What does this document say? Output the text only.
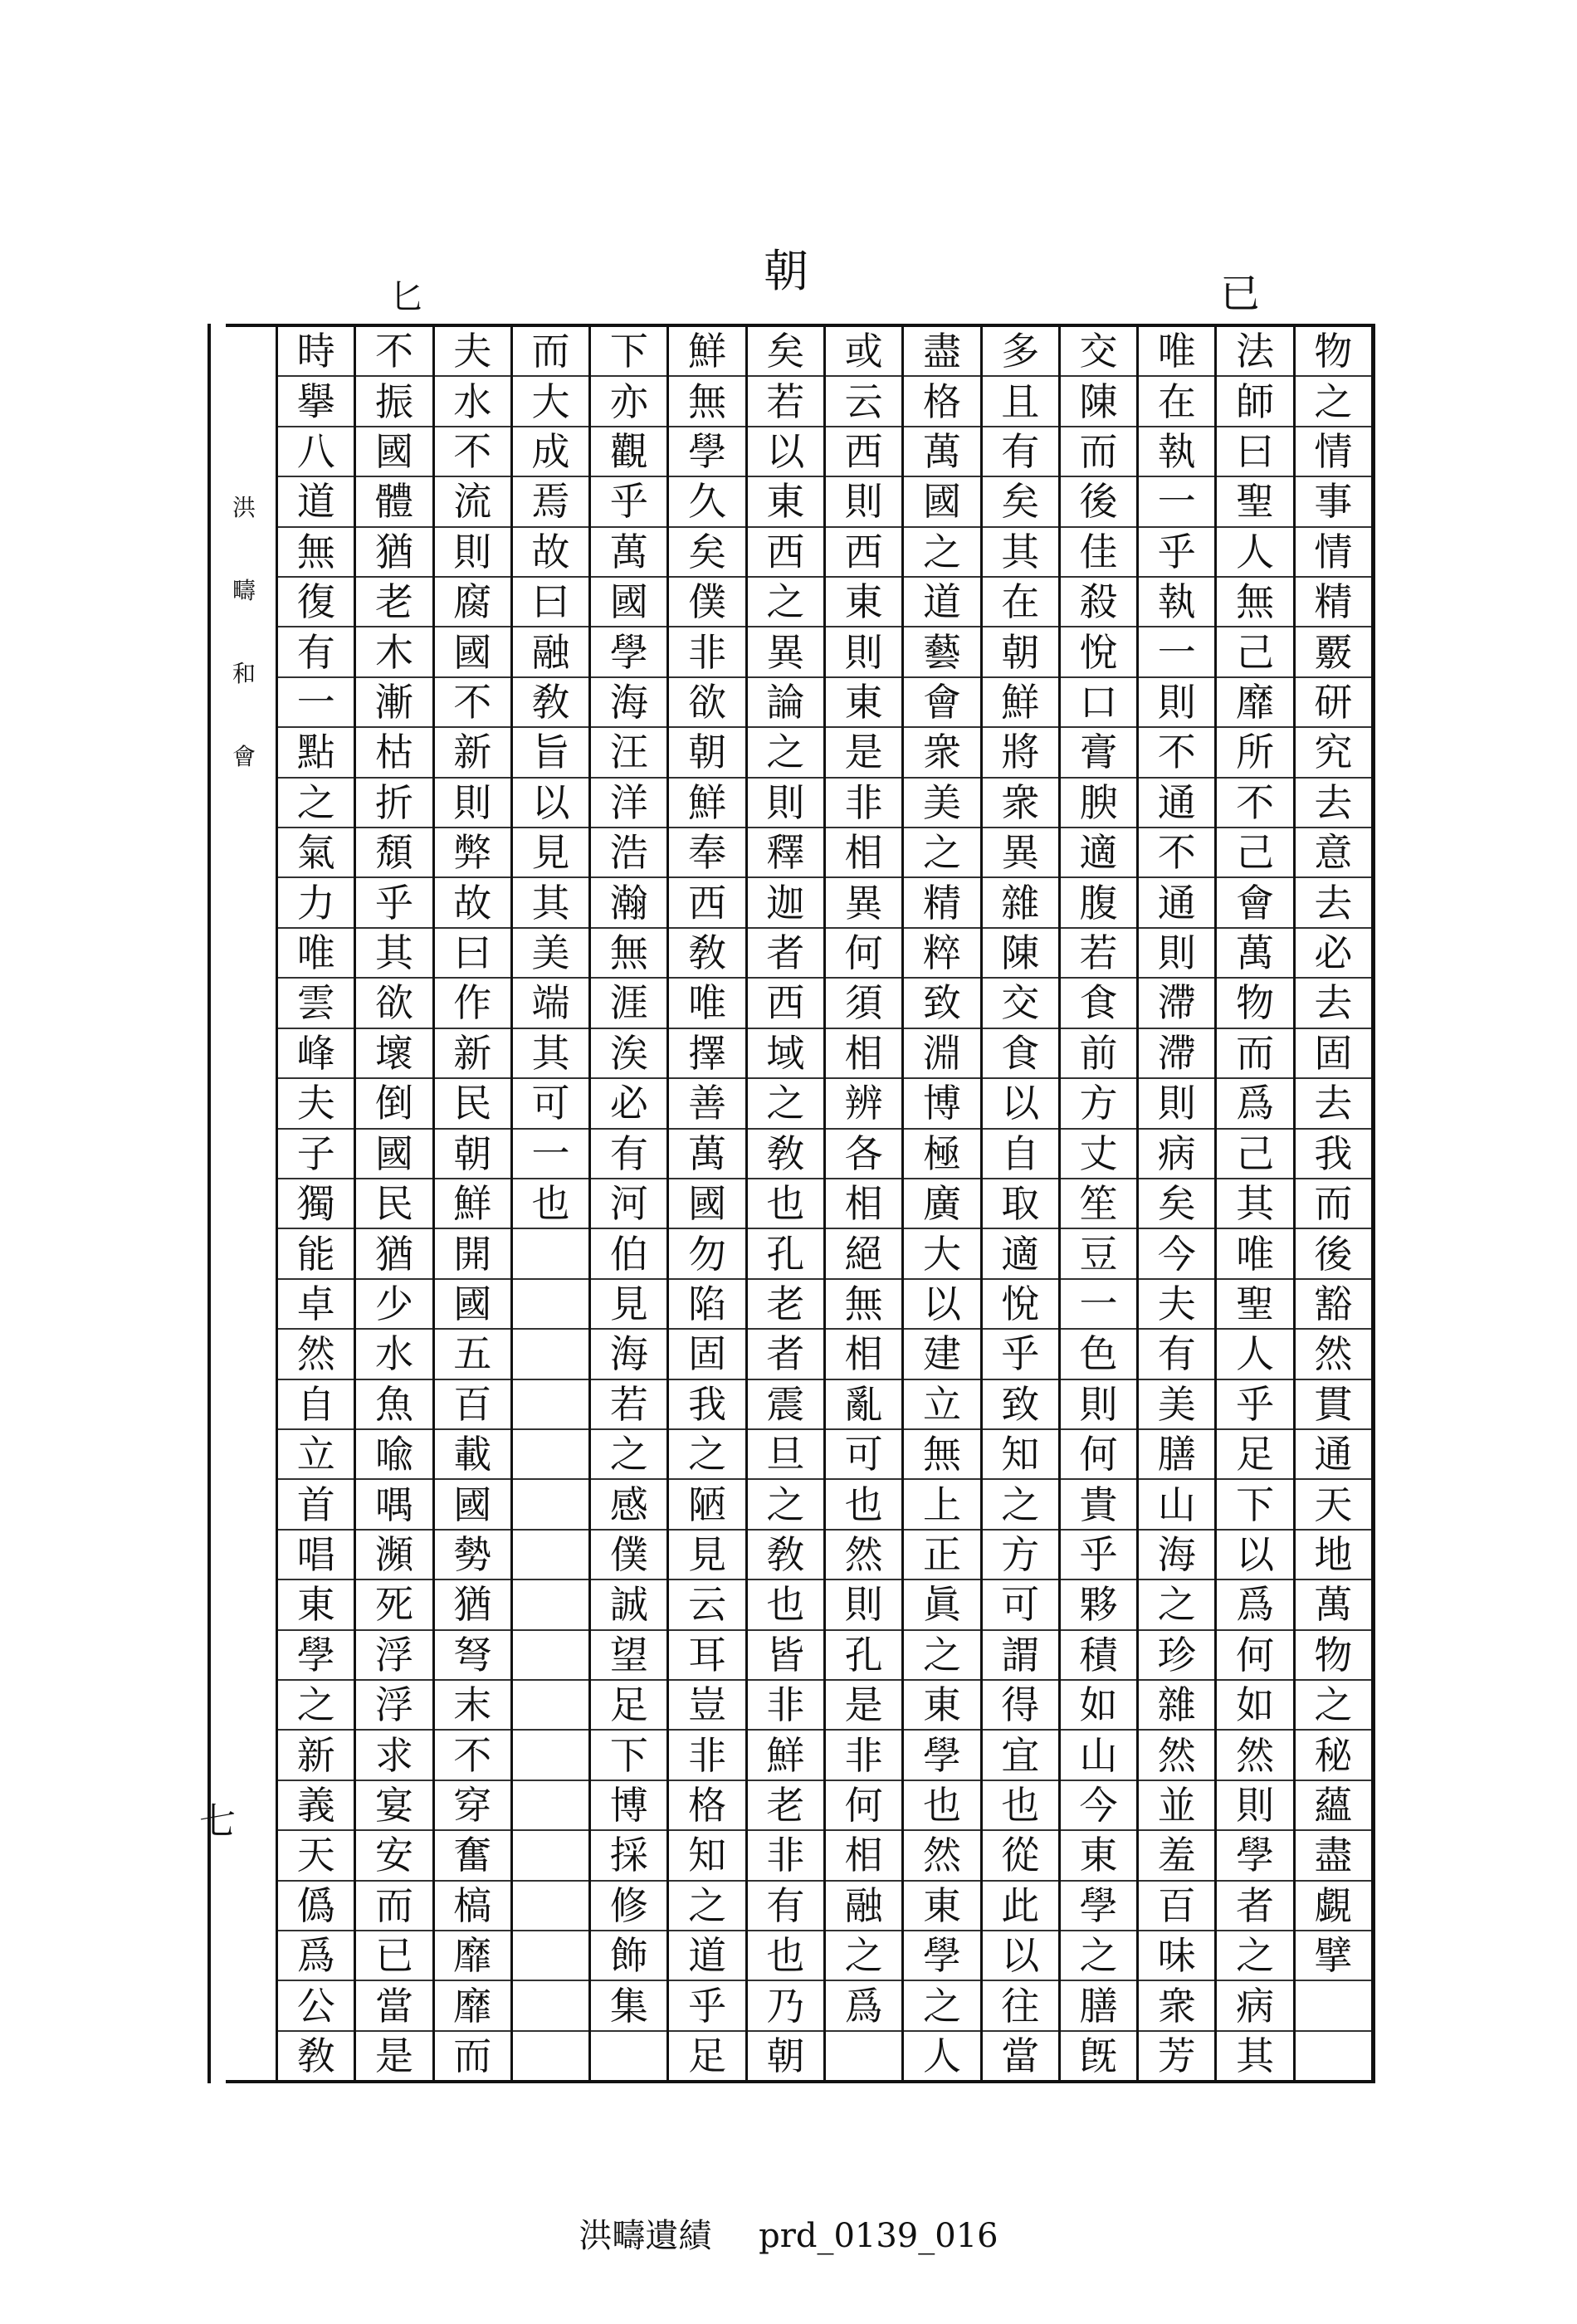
朝
匕	已
洪
疇
和
會
物
之
情
事
情
精
覈
研
究
去
意
去
必
去
固
去
我
而
後
豁
然
貫
通
天
地
萬
物
之
秘
蘊
盡
覷
擘
法
師
曰
聖
人
無
己
靡
所
不
己
會
萬
物
而
爲
己
其
唯
聖
人
乎
足
下
以
爲
何
如
然
則
學
者
之
病
其
唯
在
執
一
乎
執
一
則
不
通
不
通
則
滯
滯
則
病
矣
今
夫
有
美
膳
山
海
之
珍
雜
然
並
羞
百
味
衆
芳
交
陳
而
後
佳
殺
悅
口
膏
腴
適
腹
若
食
前
方
丈
笙
豆
一
色
則
何
貴
乎
夥
積
如
山
今
東
學
之
膳
旣
多
且
有
矣
其
在
朝
鮮
將
衆
異
雜
陳
交
食
以
自
取
適
悅
乎
致
知
之
方
可
謂
得
宜
也
從
此
以
往
當
盡
格
萬
國
之
道
藝
會
衆
美
之
精
粹
致
淵
博
極
廣
大
以
建
立
無
上
正
眞
之
東
學
也
然
東
學
之
人
或
云
西
則
西
東
則
東
是
非
相
異
何
須
相
辨
各
相
絕
無
相
亂
可
也
然
則
孔
是
非
何
相
融
之
爲
矣
若
以
東
西
之
異
論
之
則
釋
迦
者
西
域
之
敎
也
孔
老
者
震
旦
之
敎
也
皆
非
鮮
老
非
有
也
乃
朝
鮮
無
學
久
矣
僕
非
欲
朝
鮮
奉
西
敎
唯
擇
善
萬
國
勿
陷
固
我
之
陋
見
云
耳
豈
非
格
知
之
道
乎
足
下
亦
觀
乎
萬
國
學
海
汪
洋
浩
瀚
無
涯
涘
必
有
河
伯
見
海
若
之
感
僕
誠
望
足
下
博
採
修
飾
集
而
大
成
焉
故
曰
融
敎
旨
以
見
其
美
端
其
可
一
也
夫
水
不
流
則
腐
國
不
新
則
弊
故
曰
作
新
民
朝
鮮
開
國
五
百
載
國
勢
猶
弩
末
不
穿
奮
槁
靡
靡
而
不
振
國
體
猶
老
木
漸
枯
折
頹
乎
其
欲
壞
倒
國
民
猶
少
水
魚
喩
喁
瀕
死
浮
浮
求
宴
安
而
已
當
是
時
擧
八
道
無
復
有
一
點
之
氣
力
唯
雲
峰
夫
子
獨
能
卓
然
自
立
首
唱
東
學
之
新
義
天
僞
爲
公
敎
七
洪疇遺績 prd_0139_016
